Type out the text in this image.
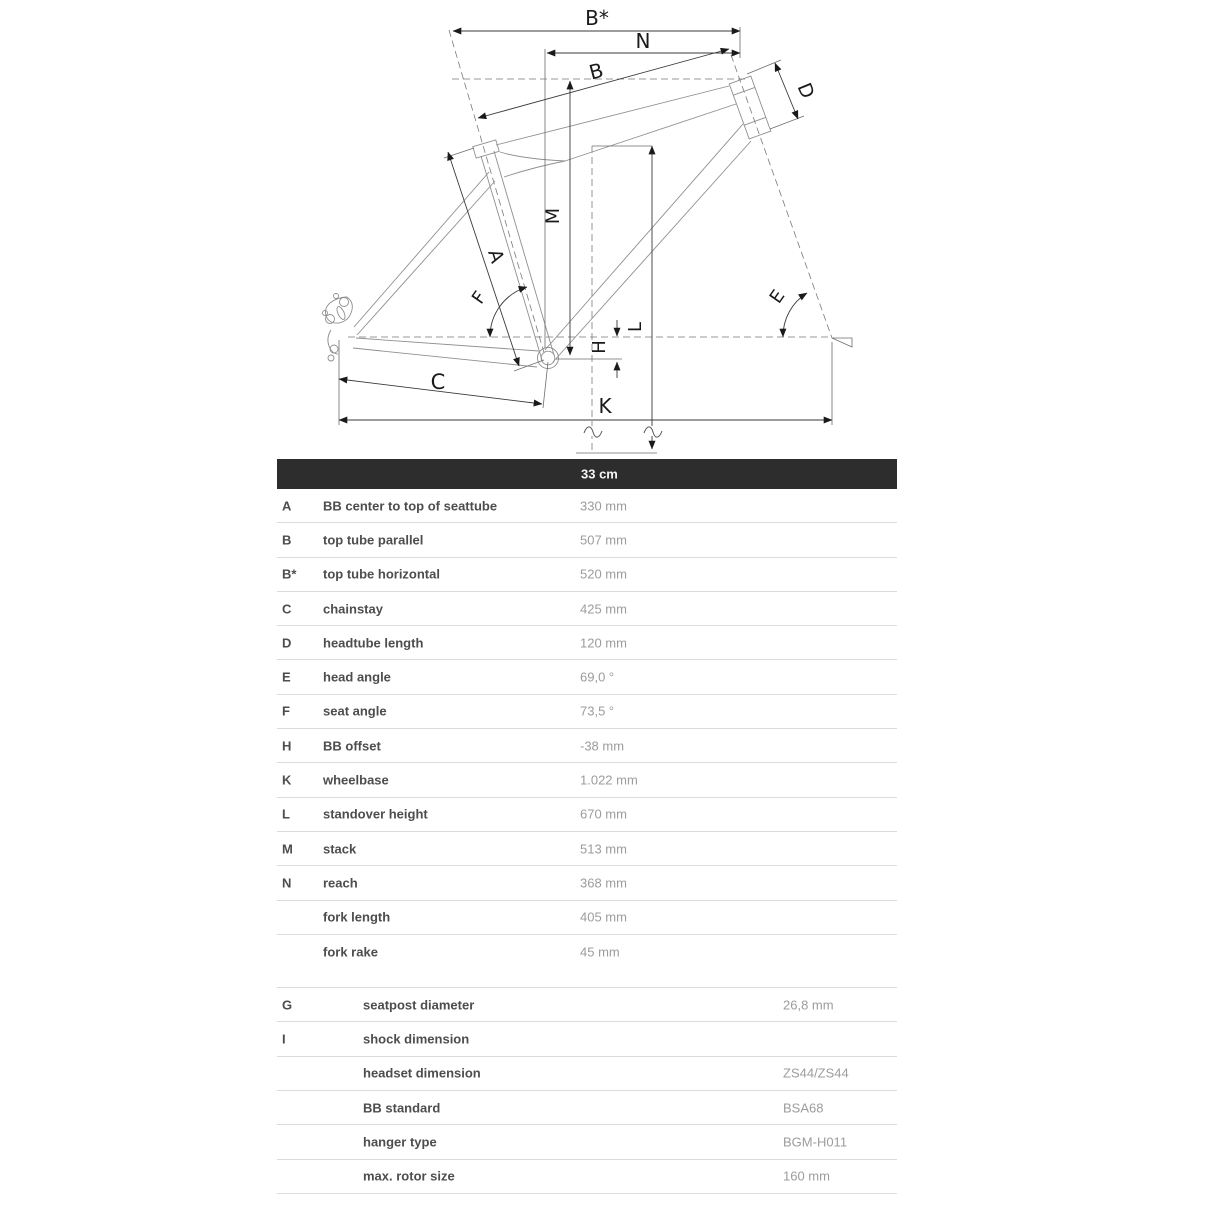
B*
N
B
D
M
A
F	E
H
L
C
K
33 cm
A BB center to top of seattube	330 mm
B top tube parallel	507 mm
B* top tube horizontal	520 mm
C chainstay	425 mm
D headtube length	120 mm
E head angle	69,0 °
F	seat angle	73,5 °
H BB offset	-38 mm
K wheelbase	1.022 mm
L	standover height	670 mm
M stack	513 mm
N reach	368 mm
fork length	405 mm
fork rake	45 mm
G	seatpost diameter	26,8 mm
I	shock dimension
headset dimension	ZS44/ZS44
BB standard	BSA68
hanger type	BGM-H011
max. rotor size	160 mm
